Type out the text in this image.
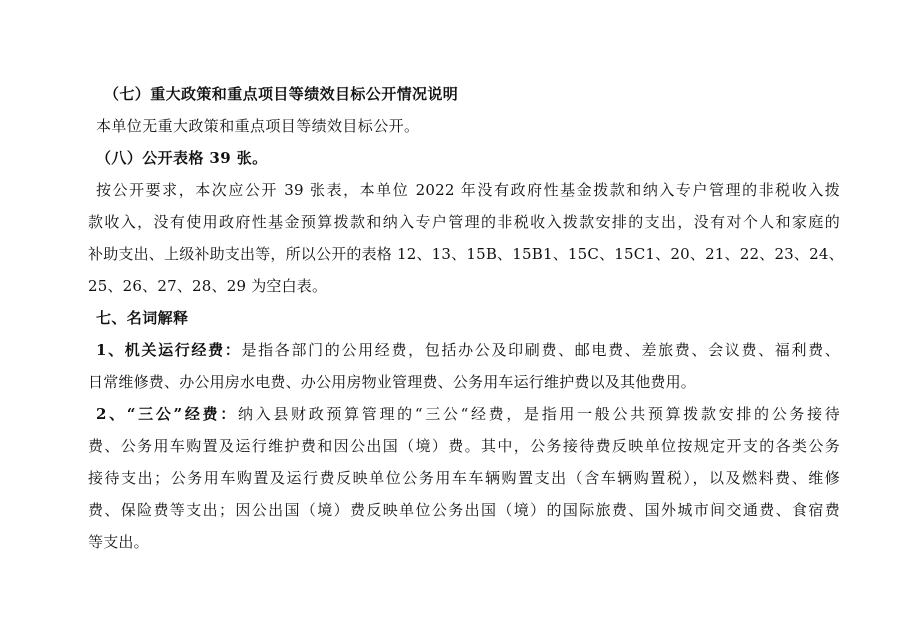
（七）重大政策和重点项目等绩效目标公开情况说明
本单位无重大政策和重点项目等绩效目标公开。
（八）公开表格 39 张。
按公开要求，本次应公开 39 张表，本单位 2022 年没有政府性基金拨款和纳入专户管理的非税收入拨
款收入，没有使用政府性基金预算拨款和纳入专户管理的非税收入拨款安排的支出，没有对个人和家庭的
补助支出、上级补助支出等，所以公开的表格 12、13、15B、15B1、15C、15C1、20、21、22、23、24、
25、26、27、28、29 为空白表。
七、名词解释
1、机关运行经费：是指各部门的公用经费，包括办公及印刷费、邮电费、差旅费、会议费、福利费、
日常维修费、办公用房水电费、办公用房物业管理费、公务用车运行维护费以及其他费用。
2、“三公”经费：纳入县财政预算管理的“三公“经费，是指用一般公共预算拨款安排的公务接待
费、公务用车购置及运行维护费和因公出国（境）费。其中，公务接待费反映单位按规定开支的各类公务
接待支出；公务用车购置及运行费反映单位公务用车车辆购置支出（含车辆购置税），以及燃料费、维修
费、保险费等支出；因公出国（境）费反映单位公务出国（境）的国际旅费、国外城市间交通费、食宿费
等支出。
